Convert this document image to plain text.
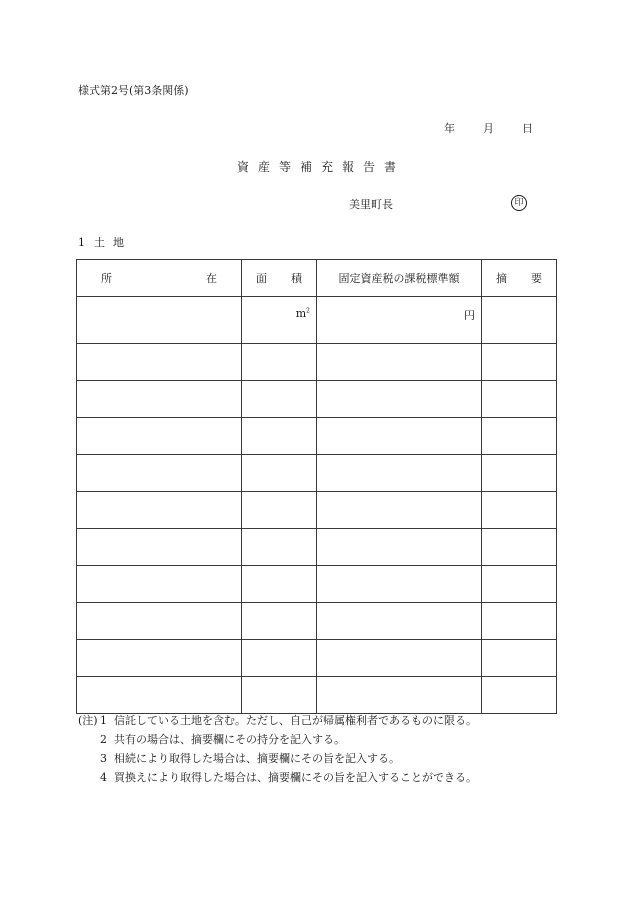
様式第2号(第3条関係)
年	月	日
資産等補充報告書
美里町長	印
1 土地
所 在	面 積	固定資産税の課税標準額	摘 要

	$m^2$	円	

(注) 1 信託している土地を含む。ただし、自己が帰属権利者であるものに限る。
2 共有の場合は、摘要欄にその持分を記入する。
3 相続により取得した場合は、摘要欄にその旨を記入する。
4 買換えにより取得した場合は、摘要欄にその旨を記入することができる。
